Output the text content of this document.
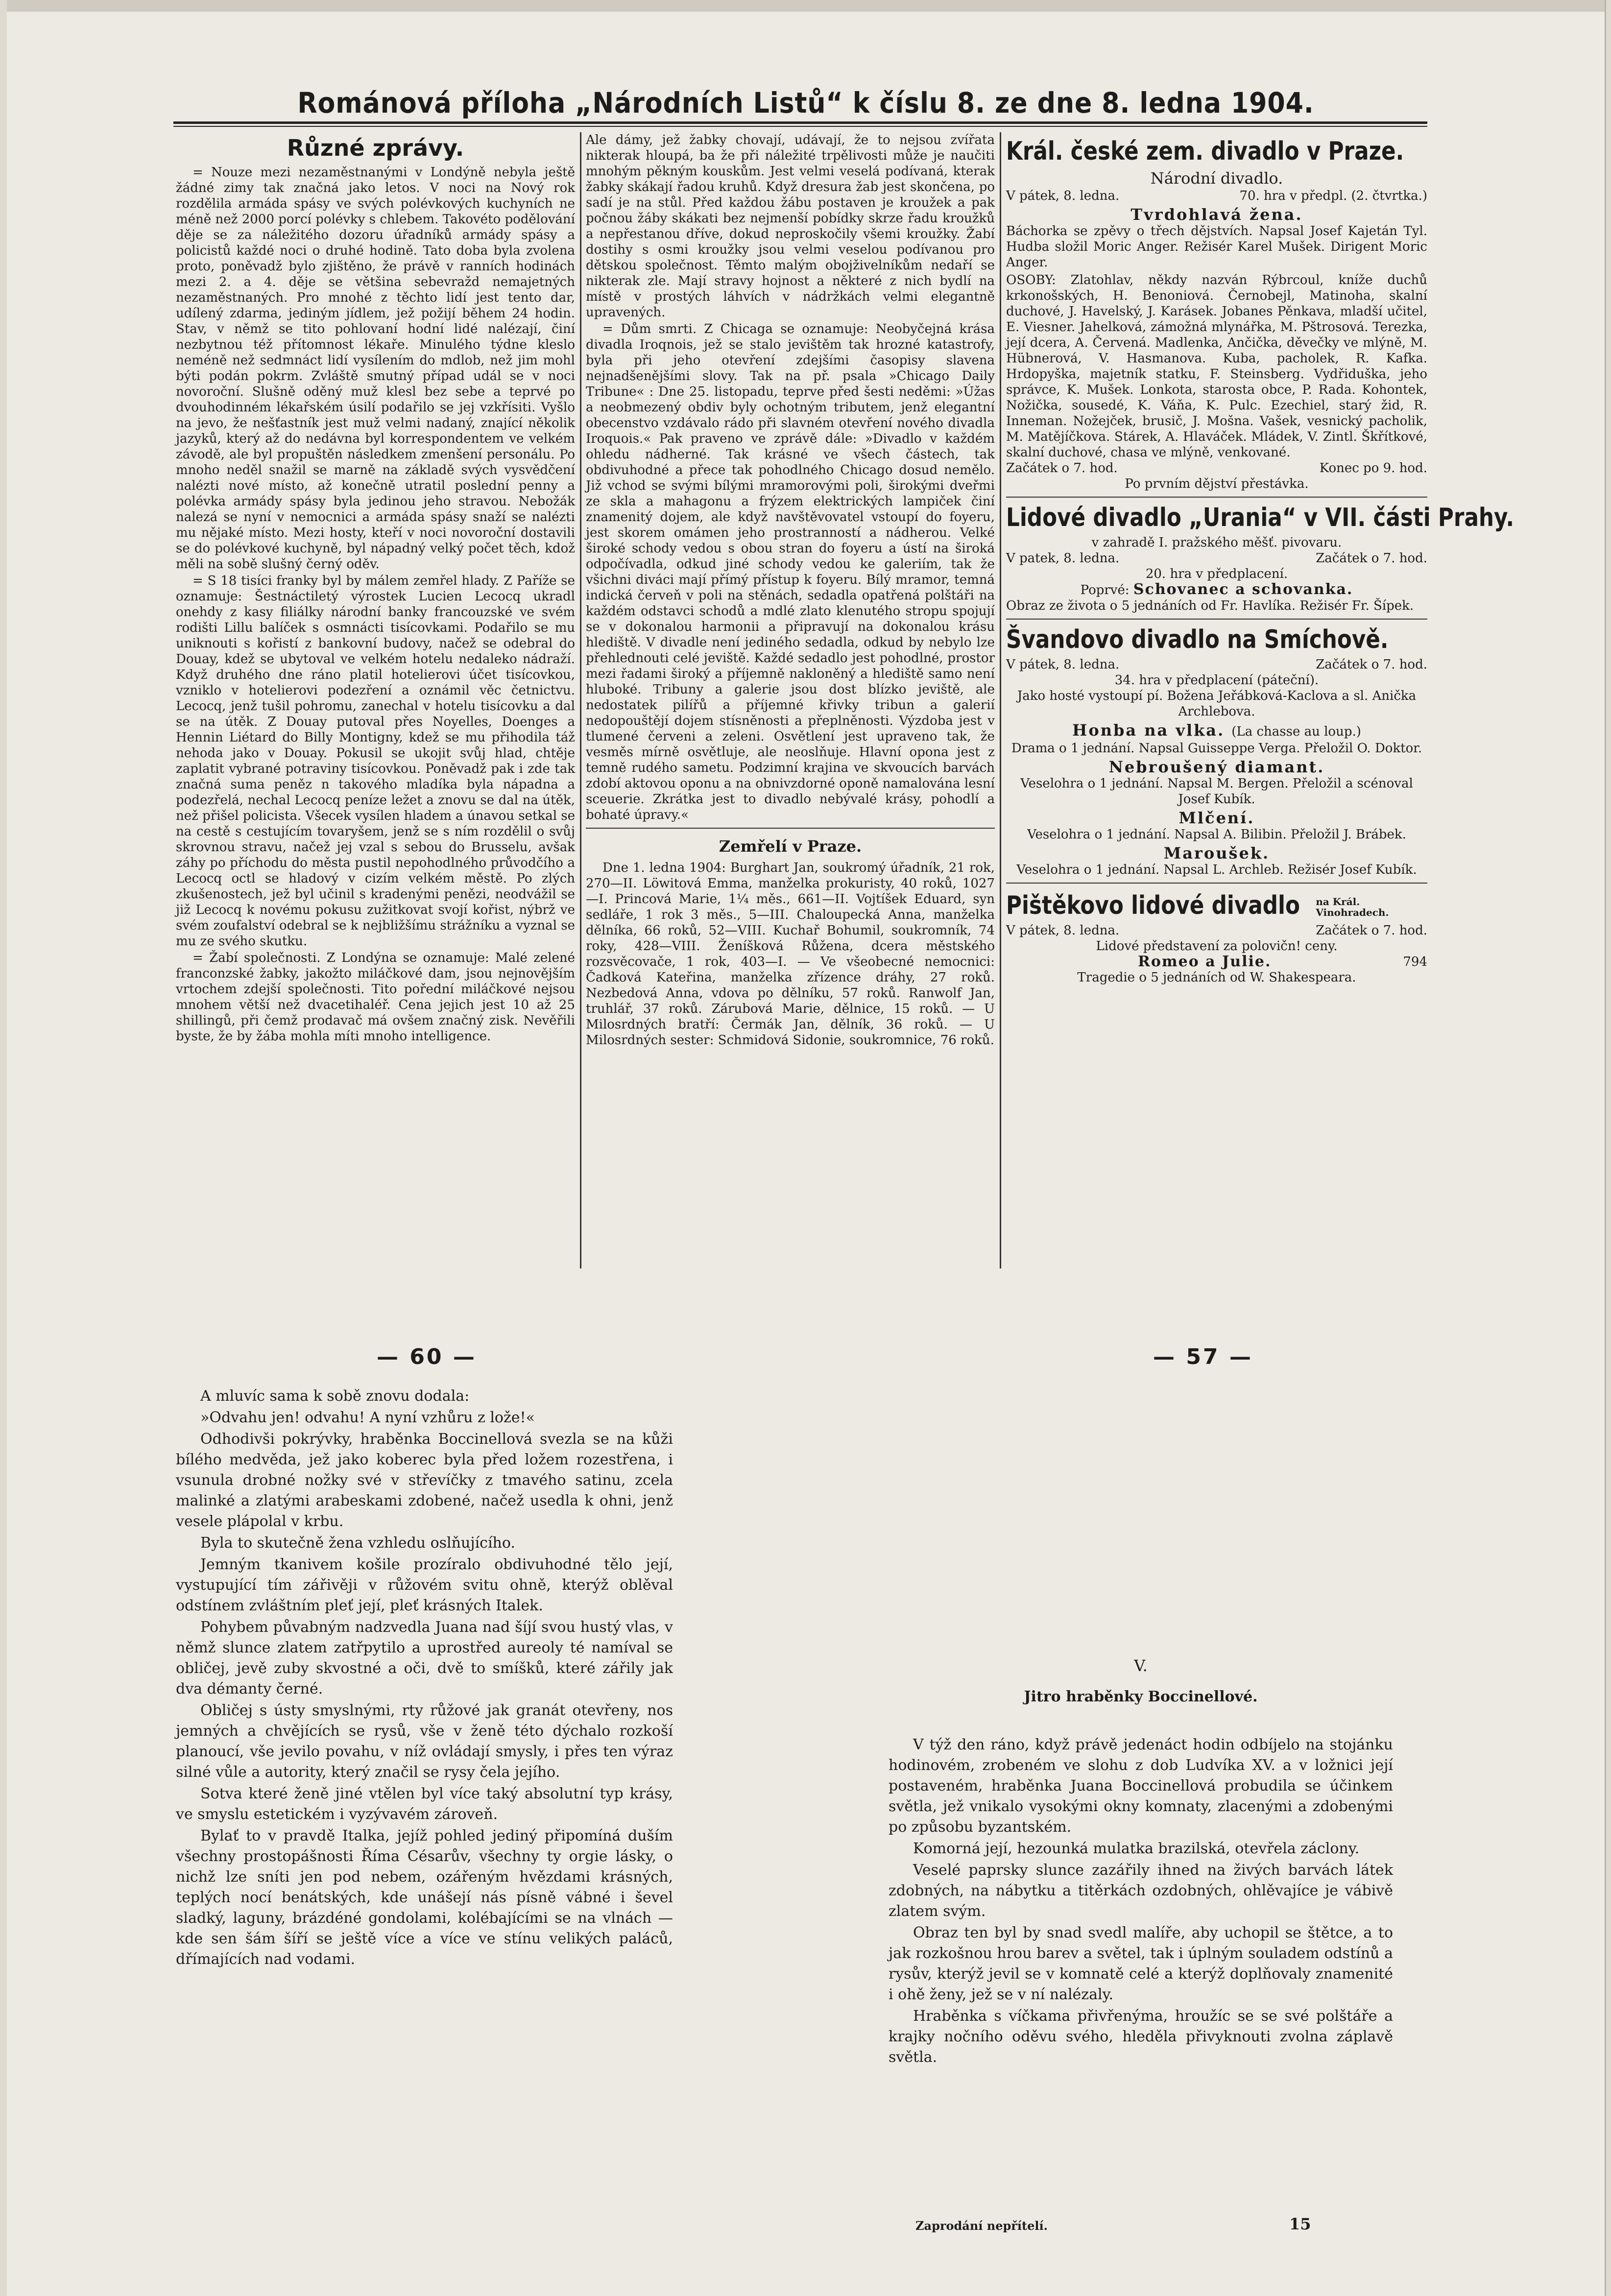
Románová příloha „Národních Listů“ k číslu 8. ze dne 8. ledna 1904.
Různé zprávy.

= Nouze mezi nezaměstnanými v Londýně nebyla ještě žádné zimy tak značná jako letos. V noci na Nový rok rozdělila armáda spásy ve svých polévkových kuchyních ne méně než 2000 porcí polévky s chlebem. Takovéto podělování děje se za náležitého dozoru úřadníků armády spásy a policistů každé noci o druhé hodině. Tato doba byla zvolena proto, poněvadž bylo zjištěno, že právě v ranních hodinách mezi 2. a 4. děje se většina sebevražd nemajetných nezaměstnaných. Pro mnohé z těchto lidí jest tento dar, udílený zdarma, jediným jídlem, jež požijí během 24 hodin. Stav, v němž se tito pohlovaní hodní lidé nalézají, činí nezbytnou též přítomnost lékaře. Minulého týdne kleslo neméně než sedmnáct lidí vysílením do mdlob, než jim mohl býti podán pokrm. Zvláště smutný případ udál se v noci novoroční. Slušně oděný muž klesl bez sebe a teprvé po dvouhodinném lékařském úsilí podařilo se jej vzkřísiti. Vyšlo na jevo, že nešťastník jest muž velmi nadaný, znající několik jazyků, který až do nedávna byl korrespondentem ve velkém závodě, ale byl propuštěn následkem zmenšení personálu. Po mnoho neděl snažil se marně na základě svých vysvědčení nalézti nové místo, až konečně utratil poslední penny a polévka armády spásy byla jedinou jeho stravou. Nebožák nalezá se nyní v nemocnici a armáda spásy snaží se nalézti mu nějaké místo. Mezi hosty, kteří v noci novoroční dostavili se do polévkové kuchyně, byl nápadný velký počet těch, kdož měli na sobě slušný černý oděv.

= S 18 tisíci franky byl by málem zemřel hlady. Z Paříže se oznamuje: Šestnáctiletý výrostek Lucien Lecocq ukradl onehdy z kasy filiálky národní banky francouzské ve svém rodišti Lillu balíček s osmnácti tisícovkami. Podařilo se mu uniknouti s kořistí z bankovní budovy, načež se odebral do Douay, kdež se ubytoval ve velkém hotelu nedaleko nádraží. Když druhého dne ráno platil hotelierovi účet tisícovkou, vzniklo v hotelierovi podezření a oznámil věc četnictvu. Lecocq, jenž tušil pohromu, zanechal v hotelu tisícovku a dal se na útěk. Z Douay putoval přes Noyelles, Doenges a Hennin Liétard do Billy Montigny, kdež se mu přihodila táž nehoda jako v Douay. Pokusil se ukojit svůj hlad, chtěje zaplatit vybrané potraviny tisícovkou. Poněvadž pak i zde tak značná suma peněz n takového mladíka byla nápadna a podezřelá, nechal Lecocq peníze ležet a znovu se dal na útěk, než přišel policista. Všecek vysílen hladem a únavou setkal se na cestě s cestujícím tovaryšem, jenž se s ním rozdělil o svůj skrovnou stravu, načež jej vzal s sebou do Brusselu, avšak záhy po příchodu do města pustil nepohodlného průvodčího a Lecocq octl se hladový v cizím velkém městě. Po zlých zkušenostech, jež byl učinil s kradenými penězi, neodvážil se již Lecocq k novému pokusu zužitkovat svojí kořist, nýbrž ve svém zoufalství odebral se k nejbližšímu strážníku a vyznal se mu ze svého skutku.

= Žabí společnosti. Z Londýna se oznamuje: Malé zelené franconzské žabky, jakožto miláčkové dam, jsou nejnovějším vrtochem zdejší společnosti. Tito pořední miláčkové nejsou mnohem větší než dvacetihaléř. Cena jejich jest 10 až 25 shillingů, při čemž prodavač má ovšem značný zisk. Nevěřili byste, že by žába mohla míti mnoho intelligence.

Ale dámy, jež žabky chovají, udávají, že to nejsou zvířata nikterak hloupá, ba že při náležité trpělivosti může je naučiti mnohým pěkným kouskům. Jest velmi veselá podívaná, kterak žabky skákají řadou kruhů. Když dresura žab jest skončena, po sadí je na stůl. Před každou žábu postaven je kroužek a pak počnou žáby skákati bez nejmenší pobídky skrze řadu kroužků a nepřestanou dříve, dokud neproskočily všemi kroužky. Žabí dostihy s osmi kroužky jsou velmi veselou podívanou pro dětskou společnost. Těmto malým obojživelníkům nedaří se nikterak zle. Mají stravy hojnost a některé z nich bydlí na místě v prostých láhvích v nádržkách velmi elegantně upravených.

= Dům smrti. Z Chicaga se oznamuje: Neobyčejná krása divadla Iroqnois, jež se stalo jevištěm tak hrozné katastrofy, byla při jeho otevření zdejšími časopisy slavena nejnadšenějšími slovy. Tak na př. psala »Chicago Daily Tribune« : Dne 25. listopadu, teprve před šesti neděmi: »Úžas a neobmezený obdiv byly ochotným tributem, jenž elegantní obecenstvo vzdávalo rádo při slavném otevření nového divadla Iroquois.« Pak praveno ve zprávě dále: »Divadlo v každém ohledu nádherné. Tak krásné ve všech částech, tak obdivuhodné a přece tak pohodlného Chicago dosud nemělo. Již vchod se svými bílými mramorovými poli, širokými dveřmi ze skla a mahagonu a frýzem elektrických lampiček činí znamenitý dojem, ale když navštěvovatel vstoupí do foyeru, jest skorem omámen jeho prostranností a nádherou. Velké široké schody vedou s obou stran do foyeru a ústí na široká odpočívadla, odkud jiné schody vedou ke galeriím, tak že všichni diváci mají přímý přístup k foyeru. Bílý mramor, temná indická červeň v poli na stěnách, sedadla opatřená polštáři na každém odstavci schodů a mdlé zlato klenutého stropu spojují se v dokonalou harmonii a připravují na dokonalou krásu hlediště. V divadle není jediného sedadla, odkud by nebylo lze přehlednouti celé jeviště. Každé sedadlo jest pohodlné, prostor mezi řadami široký a příjemně nakloněný a hlediště samo není hluboké. Tribuny a galerie jsou dost blízko jeviště, ale nedostatek pilířů a příjemné křivky tribun a galerií nedopouštějí dojem stísněnosti a přeplněnosti. Výzdoba jest v tlumené červeni a zeleni. Osvětlení jest upraveno tak, že vesměs mírně osvětluje, ale neoslňuje. Hlavní opona jest z temně rudého sametu. Podzimní krajina ve skvoucích barvách zdobí aktovou oponu a na obnivzdorné oponě namalována lesní sceuerie. Zkrátka jest to divadlo nebývalé krásy, pohodlí a bohaté úpravy.«

Zemřelí v Praze.

Dne 1. ledna 1904: Burghart Jan, soukromý úřadník, 21 rok, 270—II. Löwitová Emma, manželka prokuristy, 40 roků, 1027—I. Princová Marie, 1¼ měs., 661—II. Vojtíšek Eduard, syn sedláře, 1 rok 3 měs., 5—III. Chaloupecká Anna, manželka dělníka, 66 roků, 52—VIII. Kuchař Bohumil, soukromník, 74 roky, 428—VIII. Ženíšková Růžena, dcera městského rozsvěcovače, 1 rok, 403—I. — Ve všeobecné nemocnici: Čadková Kateřina, manželka zřízence dráhy, 27 roků. Nezbedová Anna, vdova po dělníku, 57 roků. Ranwolf Jan, truhlář, 37 roků. Zárubová Marie, dělnice, 15 roků. — U Milosrdných bratří: Čermák Jan, dělník, 36 roků. — U Milosrdných sester: Schmidová Sidonie, soukromnice, 76 roků.

Král. české zem. divadlo v Praze.
Národní divadlo.
V pátek, 8. ledna.	70. hra v předpl. (2. čtvrtka.)
Tvrdohlavá žena.
Báchorka se zpěvy o třech dějstvích. Napsal Josef Kajetán Tyl. Hudba složil Moric Anger. Režisér Karel Mušek. Dirigent Moric Anger.
OSOBY: Zlatohlav, někdy nazván Rýbrcoul, kníže duchů krkonošských, H. Benoniová. Černobejl, Matinoha, skalní duchové, J. Havelský, J. Karásek. Jobanes Pěnkava, mladší učitel, E. Viesner. Jahelková, zámožná mlynářka, M. Pštrosová. Terezka, její dcera, A. Červená. Madlenka, Ančička, děvečky ve mlýně, M. Hübnerová, V. Hasmanova. Kuba, pacholek, R. Kafka. Hrdopyška, majetník statku, F. Steinsberg. Vydřiduška, jeho správce, K. Mušek. Lonkota, starosta obce, P. Rada. Kohontek, Nožička, sousedé, K. Váňa, K. Pulc. Ezechiel, starý žid, R. Inneman. Nožejček, brusič, J. Mošna. Vašek, vesnický pacholik, M. Matějíčkova. Stárek, A. Hlaváček. Mládek, V. Zintl. Škřítkové, skalní duchové, chasa ve mlýně, venkované.
Začátek o 7. hod.	Konec po 9. hod.
Po prvním dějství přestávka.
Lidové divadlo „Urania“ v VII. části Prahy.
v zahradě I. pražského měšť. pivovaru.
V patek, 8. ledna.	Začátek o 7. hod.
20. hra v předplacení.
Poprvé: Schovanec a schovanka.
Obraz ze života o 5 jednáních od Fr. Havlíka. Režisér Fr. Šípek.
Švandovo divadlo na Smíchově.
V pátek, 8. ledna.	Začátek o 7. hod.
34. hra v předplacení (páteční).
Jako hosté vystoupí pí. Božena Jeřábková-Kaclova a sl. Anička Archlebova.
Honba na vlka. (La chasse au loup.)
Drama o 1 jednání. Napsal Guisseppe Verga. Přeložil O. Doktor.
Nebroušený diamant.
Veselohra o 1 jednání. Napsal M. Bergen. Přeložil a scénoval Josef Kubík.
Mlčení.
Veselohra o 1 jednání. Napsal A. Bilibin. Přeložil J. Brábek.
Maroušek.
Veselohra o 1 jednání. Napsal L. Archleb. Režisér Josef Kubík.
Pištěkovo lidové divadlo na Král. Vinohradech.
V pátek, 8. ledna.	Začátek o 7. hod.
Lidové představení za polovičn! ceny.
Romeo a Julie.	794
Tragedie o 5 jednáních od W. Shakespeara.
— 60 —	— 57 —

A mluvíc sama k sobě znovu dodala:

»Odvahu jen! odvahu! A nyní vzhůru z lože!«

Odhodivši pokrývky, hraběnka Boccinellová svezla se na kůži bílého medvěda, jež jako koberec byla před ložem rozestřena, i vsunula drobné nožky své v střevíčky z tmavého satinu, zcela malinké a zlatými arabeskami zdobené, načež usedla k ohni, jenž vesele plápolal v krbu.

Byla to skutečně žena vzhledu oslňujícího.

Jemným tkanivem košile prozíralo obdivuhodné tělo její, vystupující tím zářivěji v růžovém svitu ohně, kterýž oblěval odstínem zvláštním pleť její, pleť krásných Italek.

Pohybem půvabným nadzvedla Juana nad šíjí svou hustý vlas, v němž slunce zlatem zatřpytilo a uprostřed aureoly té namíval se obličej, jevě zuby skvostné a oči, dvě to smíšků, které zářily jak dva démanty černé.

Obličej s ústy smyslnými, rty růžové jak granát otevřeny, nos jemných a chvějících se rysů, vše v ženě této dýchalo rozkoší planoucí, vše jevilo povahu, v níž ovládají smysly, i přes ten výraz silné vůle a autority, který značil se rysy čela jejího.

Sotva které ženě jiné vtělen byl více taký absolutní typ krásy, ve smyslu estetickém i vyzývavém zároveň.

Bylať to v pravdě Italka, jejíž pohled jediný připomíná duším všechny prostopášnosti Říma Césarův, všechny ty orgie lásky, o nichž lze sníti jen pod nebem, ozářeným hvězdami krásných, teplých nocí benátských, kde unášejí nás písně vábné i ševel sladký, laguny, brázdéné gondolami, kolébajícími se na vlnách — kde sen šám šíří se ještě více a více ve stínu velikých paláců, dřímajících nad vodami.

V.

Jitro hraběnky Boccinellové.

V týž den ráno, když právě jedenáct hodin odbíjelo na stojánku hodinovém, zrobeném ve slohu z dob Ludvíka XV. a v ložnici její postaveném, hraběnka Juana Boccinellová probudila se účinkem světla, jež vnikalo vysokými okny komnaty, zlacenými a zdobenými po způsobu byzantském.

Komorná její, hezounká mulatka brazilská, otevřela záclony.

Veselé paprsky slunce zazářily ihned na živých barvách látek zdobných, na nábytku a titěrkách ozdobných, ohlěvajíce je vábivě zlatem svým.

Obraz ten byl by snad svedl malíře, aby uchopil se štětce, a to jak rozkošnou hrou barev a světel, tak i úplným souladem odstínů a rysův, kterýž jevil se v komnatě celé a kterýž doplňovaly znamenité i ohě ženy, jež se v ní nalézaly.

Hraběnka s víčkama přivřenýma, hroužíc se se své polštáře a krajky nočního oděvu svého, hleděla přivyknouti zvolna záplavě světla.

Zaprodání nepřítelí.	15
